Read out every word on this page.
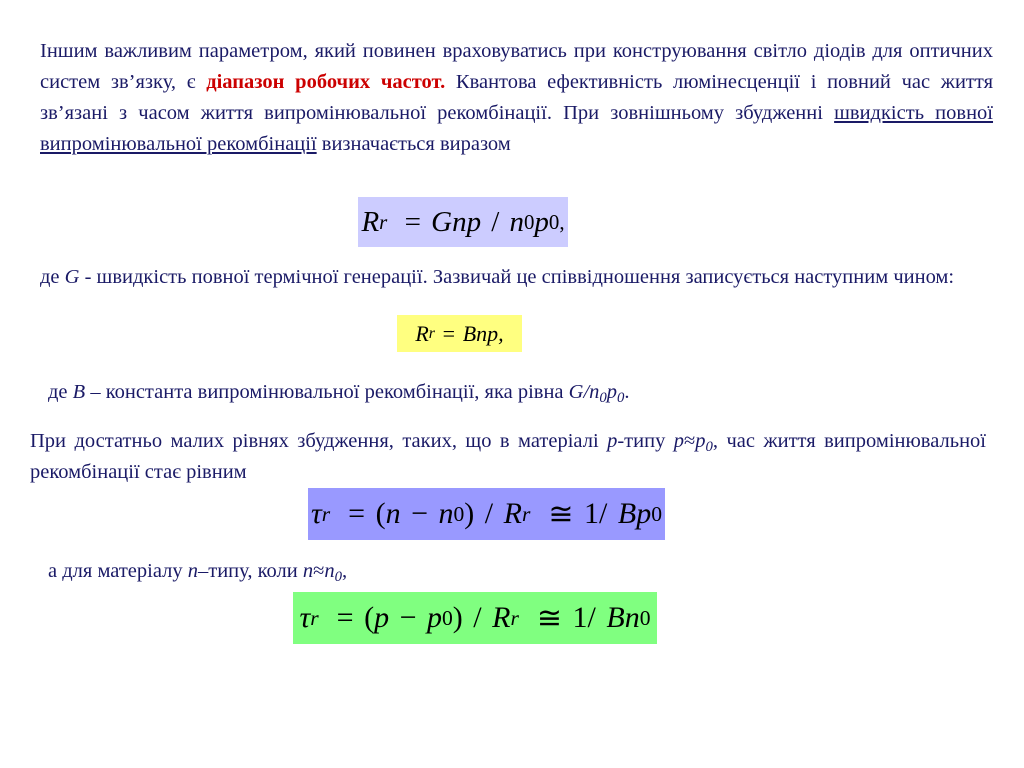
Іншим важливим параметром, який повинен враховуватись при конструювання світло діодів для оптичних систем зв’язку, є діапазон робочих частот. Квантова ефективність люмінесценції і повний час життя зв’язані з часом життя випромінювальної рекомбінації. При зовнішньому збудженні швидкість повної випромінювальної рекомбінації визначається виразом
R r = Gnp / n 0 p 0,
де G - швидкість повної термічної генерації. Зазвичай це співвідношення записується наступним чином:
R r = Bnp,
де B – константа випромінювальної рекомбінації, яка рівна $G/n_0p_0$.
При достатньо малих рівнях збудження, таких, що в матеріалі p-типу $p\approx p_0$, час життя випромінювальної рекомбінації стає рівним
τ r = ( n − n 0 ) / R r ≅ 1 / B p 0
а для матеріалу n–типу, коли $n\approx n_0$,
τ r = ( p − p 0 ) / R r ≅ 1 / B n 0
